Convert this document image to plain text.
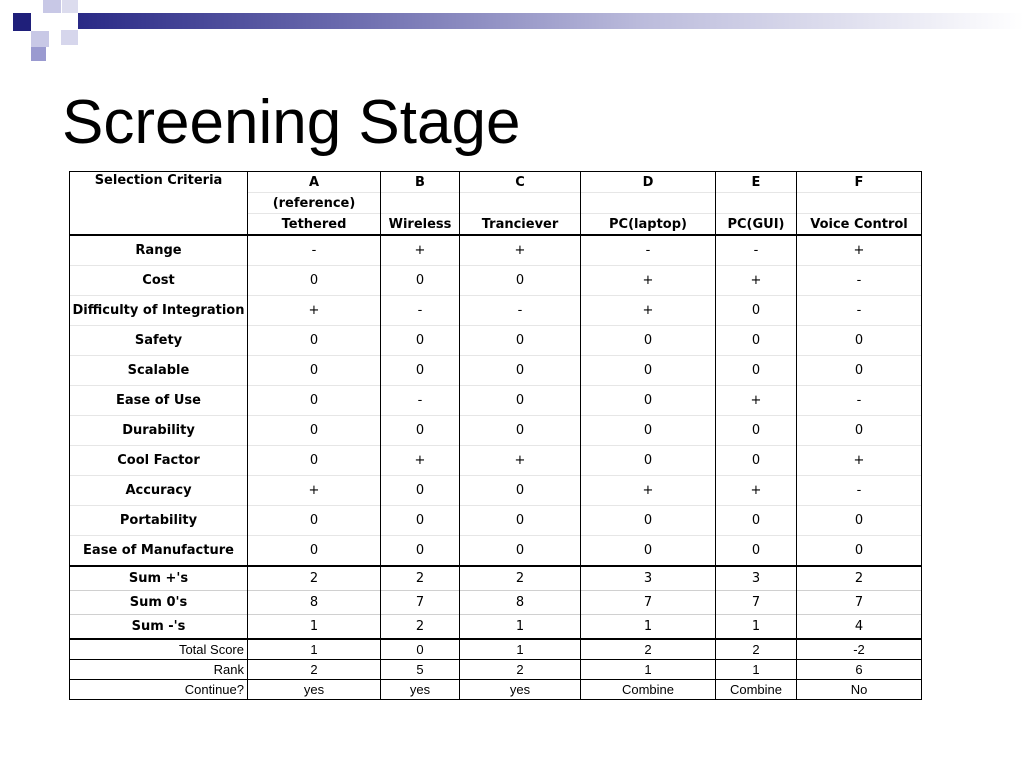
Screening Stage
Selection Criteria	A	B	C	D	E	F
	(reference)					
	Tethered	Wireless	Tranciever	PC(laptop)	PC(GUI)	Voice Control
Range	-	+	+	-	-	+
Cost	0	0	0	+	+	-
Difficulty of Integration	+	-	-	+	0	-
Safety	0	0	0	0	0	0
Scalable	0	0	0	0	0	0
Ease of Use	0	-	0	0	+	-
Durability	0	0	0	0	0	0
Cool Factor	0	+	+	0	0	+
Accuracy	+	0	0	+	+	-
Portability	0	0	0	0	0	0
Ease of Manufacture	0	0	0	0	0	0
Sum +'s	2	2	2	3	3	2
Sum 0's	8	7	8	7	7	7
Sum -'s	1	2	1	1	1	4
Total Score	1	0	1	2	2	-2
Rank	2	5	2	1	1	6
Continue?	yes	yes	yes	Combine	Combine	No
